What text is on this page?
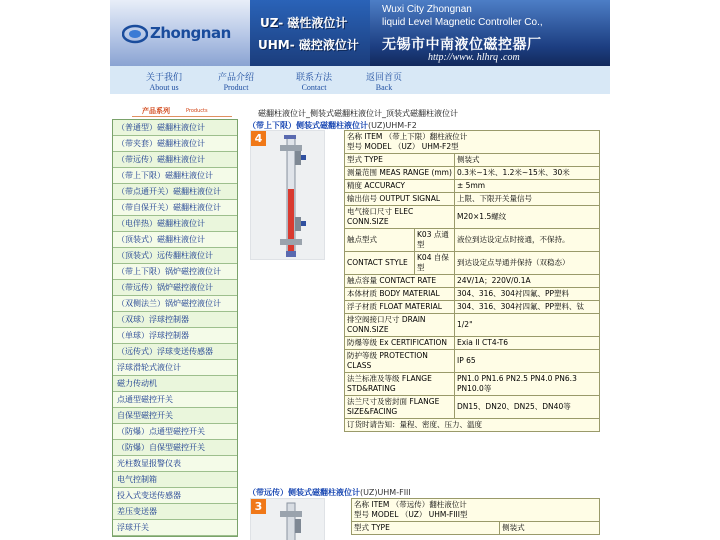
Zhongnan
UZ- 磁性液位计
UHM- 磁控液位计
Wuxi City Zhongnan
liquid Level Magnetic Controller Co.,
无锡市中南液位磁控器厂
http://www. hlhrq .com
关于我们
About us
产品介绍
Product
联系方法
Contact
返回首页
Back
产品系列	Products
（普通型）磁翻柱液位计
（带夹套）磁翻柱液位计
（带远传）磁翻柱液位计
（带上下限）磁翻柱液位计
（带点通开关）磁翻柱液位计
（带自保开关）磁翻柱液位计
（电伴热）磁翻柱液位计
（顶装式）磁翻柱液位计
（顶装式）远传翻柱液位计
（带上下限）锅炉磁控液位计
（带远传）锅炉磁控液位计
（双侧法兰）锅炉磁控液位计
（双球）浮球控制器
（单球）浮球控制器
（远传式）浮球变送传感器
浮球滑轮式液位计
磁力传动机
点通型磁控开关
自保型磁控开关
（防爆）点通型磁控开关
（防爆）自保型磁控开关
光柱数显报警仪表
电气控制箱
投入式变送传感器
差压变送器
浮球开关
磁翻柱液位计_侧装式磁翻柱液位计_顶装式磁翻柱液位计
（带上下限）侧装式磁翻柱液位计(UZ)UHM-F2
4	名称 ITEM （带上下限）翻柱液位计
型号 MODEL （UZ） UHM-F2型		
型式 TYPE		侧装式
测量范围 MEAS RANGE (mm)		0.3米~1米、1.2米~15米、30米
精度 ACCURACY		± 5mm
输出信号 OUTPUT SIGNAL		上限、下限开关量信号
电气接口尺寸 ELEC CONN.SIZE		M20×1.5螺纹
触点型式	K03 点通型	液位到达设定点时接通，不保持。
CONTACT STYLE	K04 自保型	到达设定点导通并保持（双稳态）
触点容量 CONTACT RATE		24V/1A；220V/0.1A
本体材质 BODY MATERIAL		304、316、304衬四氟、PP塑料
浮子材质 FLOAT MATERIAL		304、316、304衬四氟、PP塑料、钛
排空阀接口尺寸 DRAIN CONN.SIZE		1/2"
防爆等级 Ex CERTIFICATION		Exia II CT4-T6
防护等级 PROTECTION CLASS		IP 65
法兰标准及等级 FLANGE STD&RATING		PN1.0 PN1.6 PN2.5 PN4.0 PN6.3 PN10.0等
法兰尺寸及密封面 FLANGE SIZE&FACING		DN15、DN20、DN25、DN40等
订货时请告知：量程、密度、压力、温度		
（带远传）侧装式磁翻柱液位计(UZ)UHM-FIII
3	名称 ITEM （带远传）翻柱液位计
型号 MODEL （UZ） UHM-FIII型
型式 TYPE	侧装式
